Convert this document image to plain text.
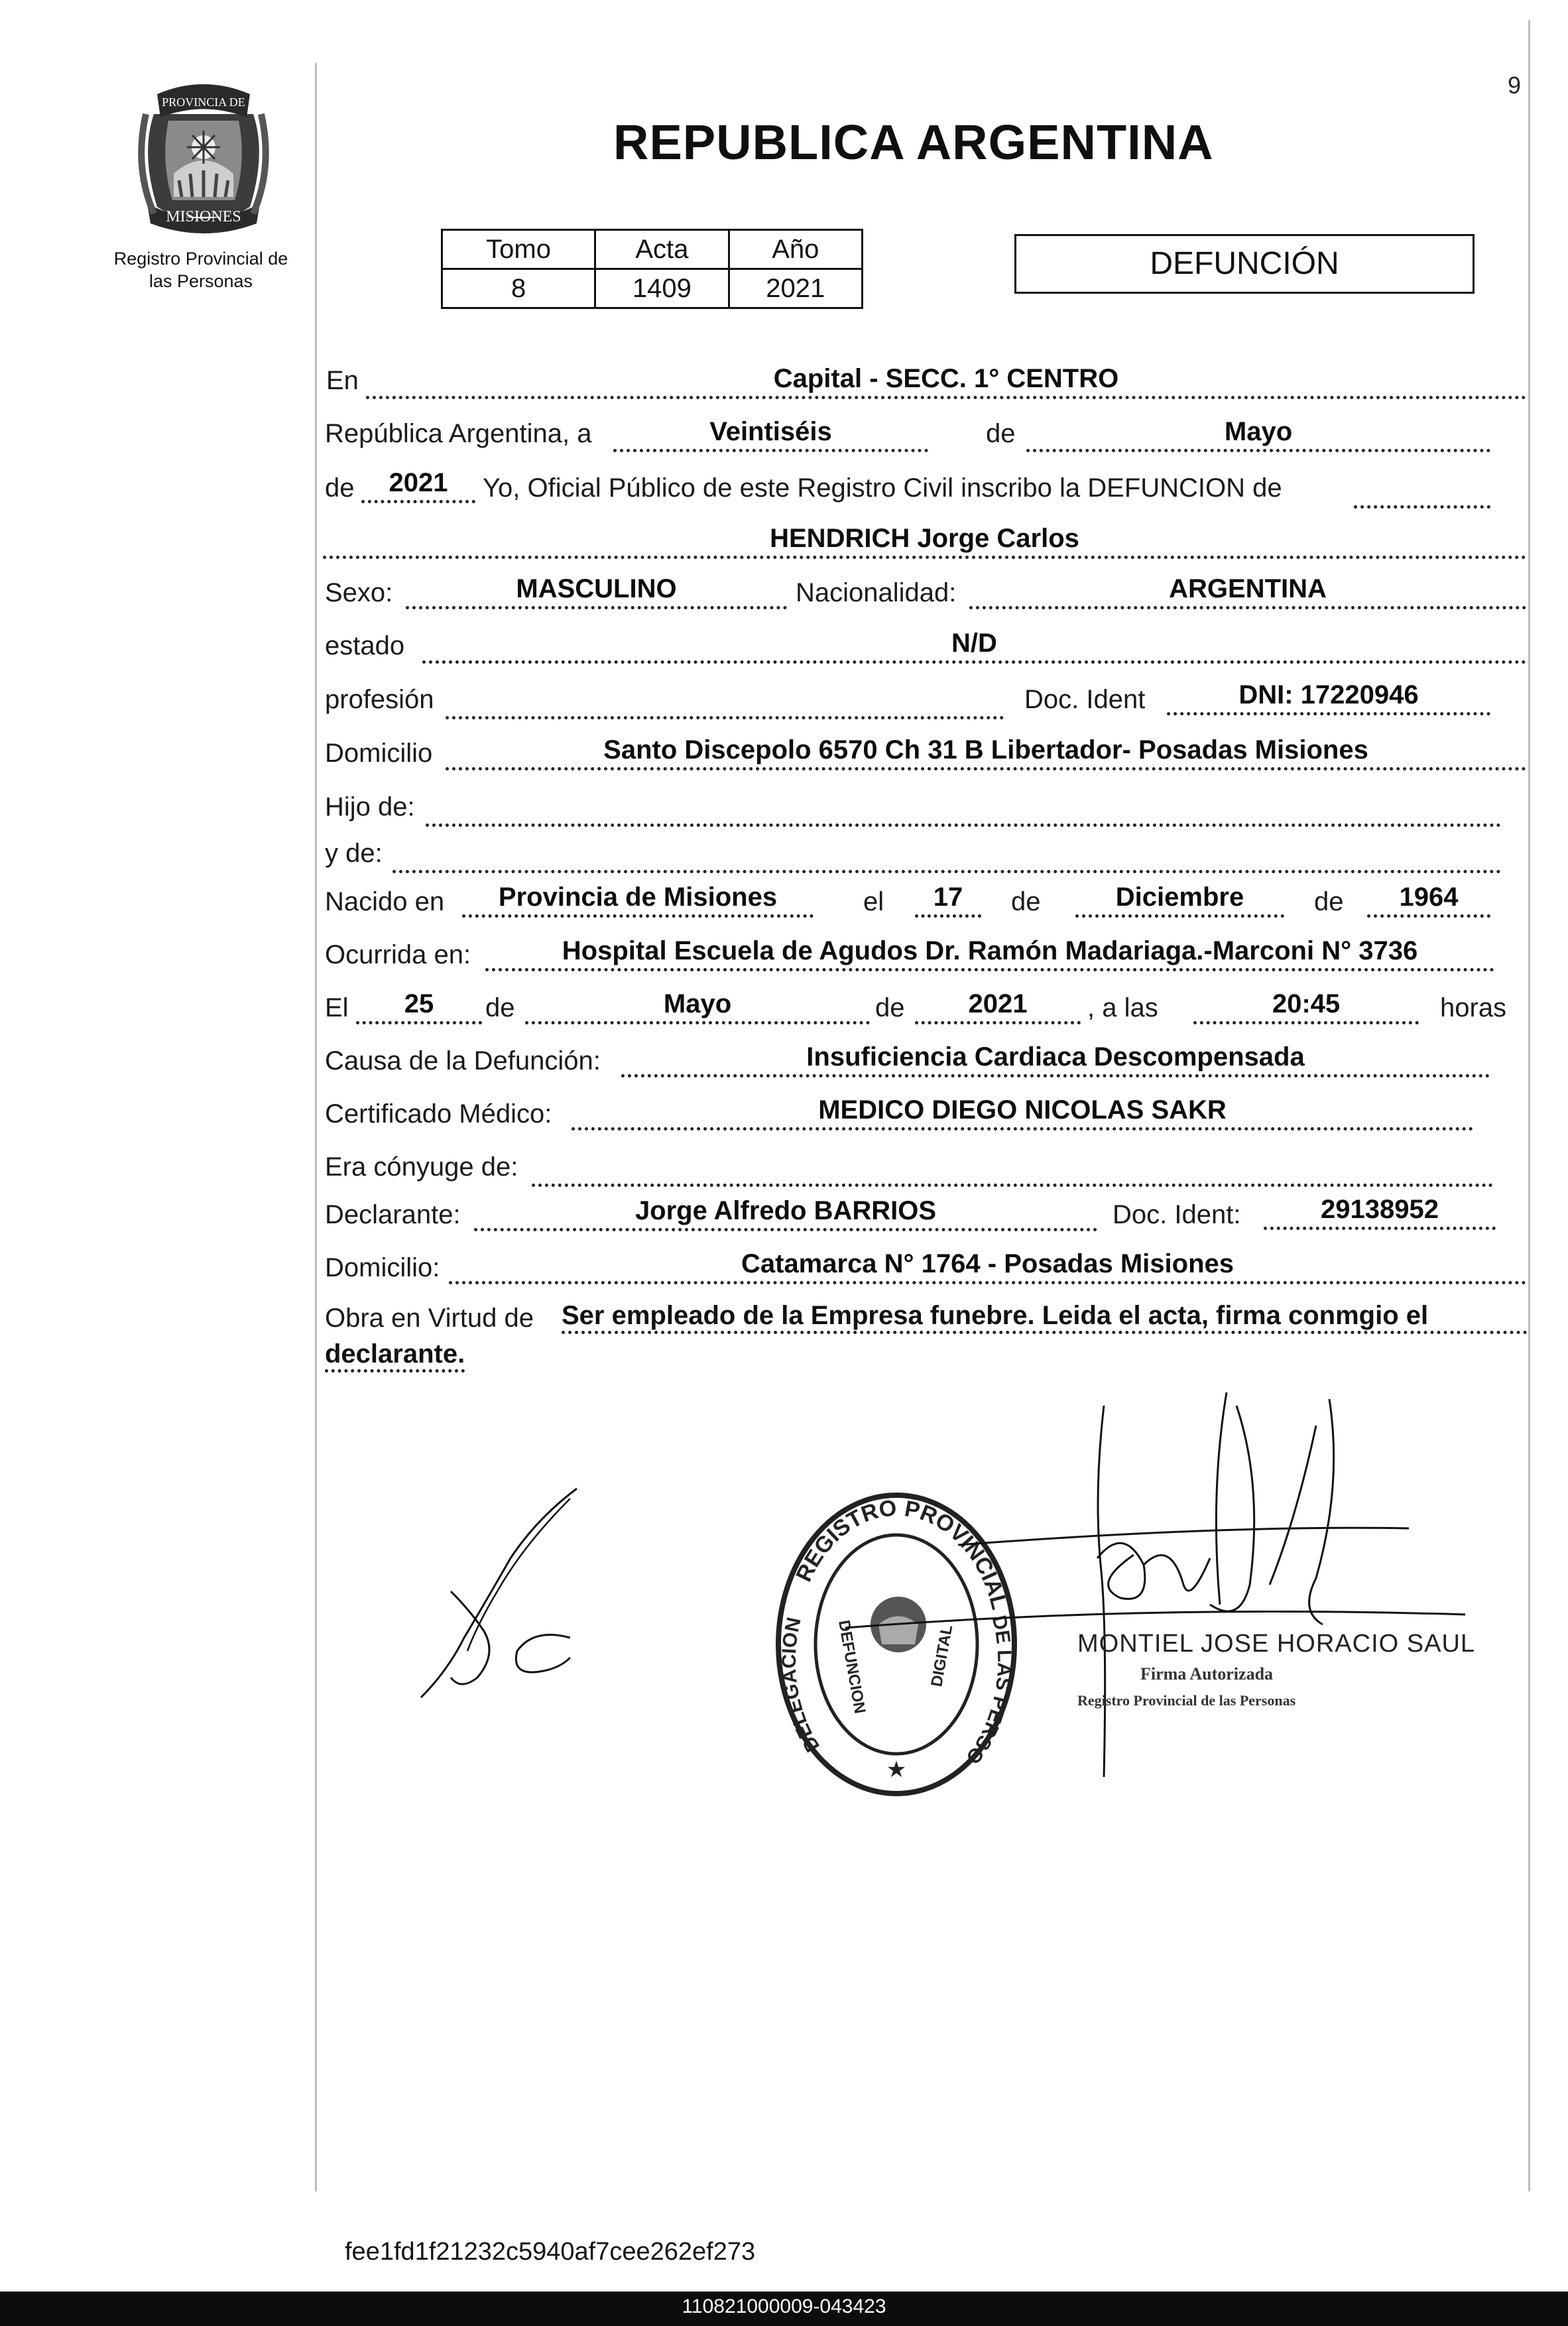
9
PROVINCIA DE
MISIONES
Registro Provincial de
las Personas
REPUBLICA ARGENTINA
Tomo	Acta	Año
8	1409	2021
DEFUNCIÓN
En	Capital - SECC. 1° CENTRO
República Argentina, a	Veintiséis	de	Mayo
de	2021	Yo, Oficial Público de este Registro Civil inscribo la DEFUNCION de
HENDRICH Jorge Carlos
Sexo:	MASCULINO	Nacionalidad:	ARGENTINA
estado	N/D
profesión	Doc. Ident	DNI: 17220946
Domicilio	Santo Discepolo 6570 Ch 31 B Libertador- Posadas Misiones
Hijo de:
y de:
Nacido en	Provincia de Misiones	el	17	de	Diciembre	de	1964
Ocurrida en:	Hospital Escuela de Agudos Dr. Ramón Madariaga.-Marconi N° 3736
El	25	de	Mayo	de	2021	, a las	20:45	horas
Causa de la Defunción:	Insuficiencia Cardiaca Descompensada
Certificado Médico:	MEDICO DIEGO NICOLAS SAKR
Era cónyuge de:
Declarante:	Jorge Alfredo BARRIOS	Doc. Ident:	29138952
Domicilio:	Catamarca N° 1764 - Posadas Misiones
Obra en Virtud de Ser empleado de la Empresa funebre. Leida el acta, firma conmgio el
declarante.
REGISTRO PROVINCIAL
DELEGACION	DE LAS PERSO
DEFUNCION	DIGITAL
★
MONTIEL JOSE HORACIO SAUL
Firma Autorizada
Registro Provincial de las Personas
fee1fd1f21232c5940af7cee262ef273
110821000009-043423
